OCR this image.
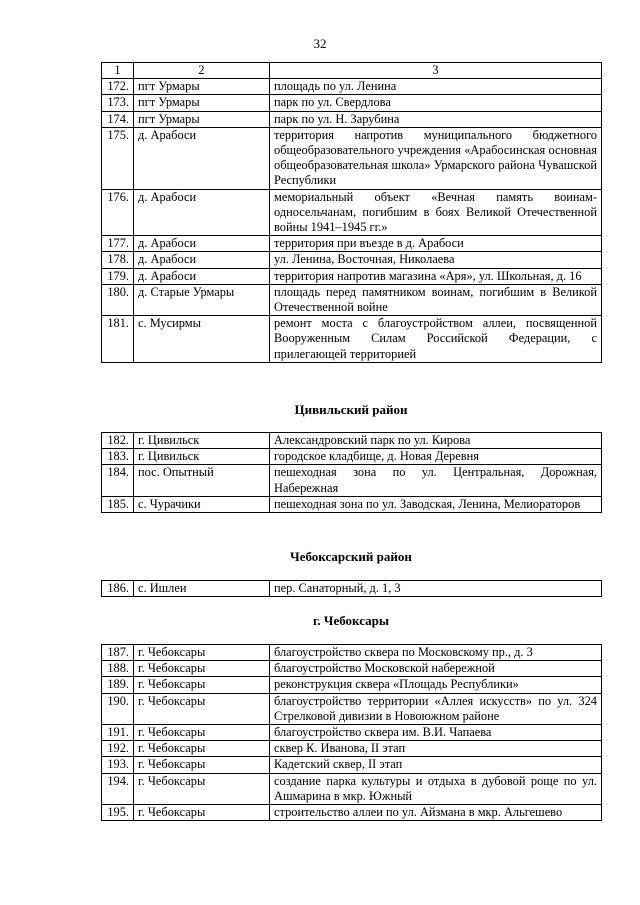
32
1	2	3
172.	пгт Урмары	площадь по ул. Ленина
173.	пгт Урмары	парк по ул. Свердлова
174.	пгт Урмары	парк по ул. Н. Зарубина
175.	д. Арабоси	территория напротив муниципального бюджетного общеобразовательного учреждения «Арабосинская основная общеобразовательная школа» Урмарского района Чувашской Республики
176.	д. Арабоси	мемориальный объект «Вечная память воинам-односельчанам, погибшим в боях Великой Отечественной войны 1941–1945 гг.»
177.	д. Арабоси	территория при въезде в д. Арабоси
178.	д. Арабоси	ул. Ленина, Восточная, Николаева
179.	д. Арабоси	территория напротив магазина «Аря», ул. Школьная, д. 16
180.	д. Старые Урмары	площадь перед памятником воинам, погибшим в Великой Отечественной войне
181.	с. Мусирмы	ремонт моста с благоустройством аллеи, посвященной Вооруженным Силам Российской Федерации, с прилегающей территорией
Цивильский район
182.	г. Цивильск	Александровский парк по ул. Кирова
183.	г. Цивильск	городское кладбище, д. Новая Деревня
184.	пос. Опытный	пешеходная зона по ул. Центральная, Дорожная, Набережная
185.	с. Чурачики	пешеходная зона по ул. Заводская, Ленина, Мелиораторов
Чебоксарский район
186.	с. Ишлеи	пер. Санаторный, д. 1, 3
г. Чебоксары
187.	г. Чебоксары	благоустройство сквера по Московскому пр., д. 3
188.	г. Чебоксары	благоустройство Московской набережной
189.	г. Чебоксары	реконструкция сквера «Площадь Республики»
190.	г. Чебоксары	благоустройство территории «Аллея искусств» по ул. 324 Стрелковой дивизии в Новоюжном районе
191.	г. Чебоксары	благоустройство сквера им. В.И. Чапаева
192.	г. Чебоксары	сквер К. Иванова, II этап
193.	г. Чебоксары	Кадетский сквер, II этап
194.	г. Чебоксары	создание парка культуры и отдыха в дубовой роще по ул. Ашмарина в мкр. Южный
195.	г. Чебоксары	строительство аллеи по ул. Айзмана в мкр. Альгешево
